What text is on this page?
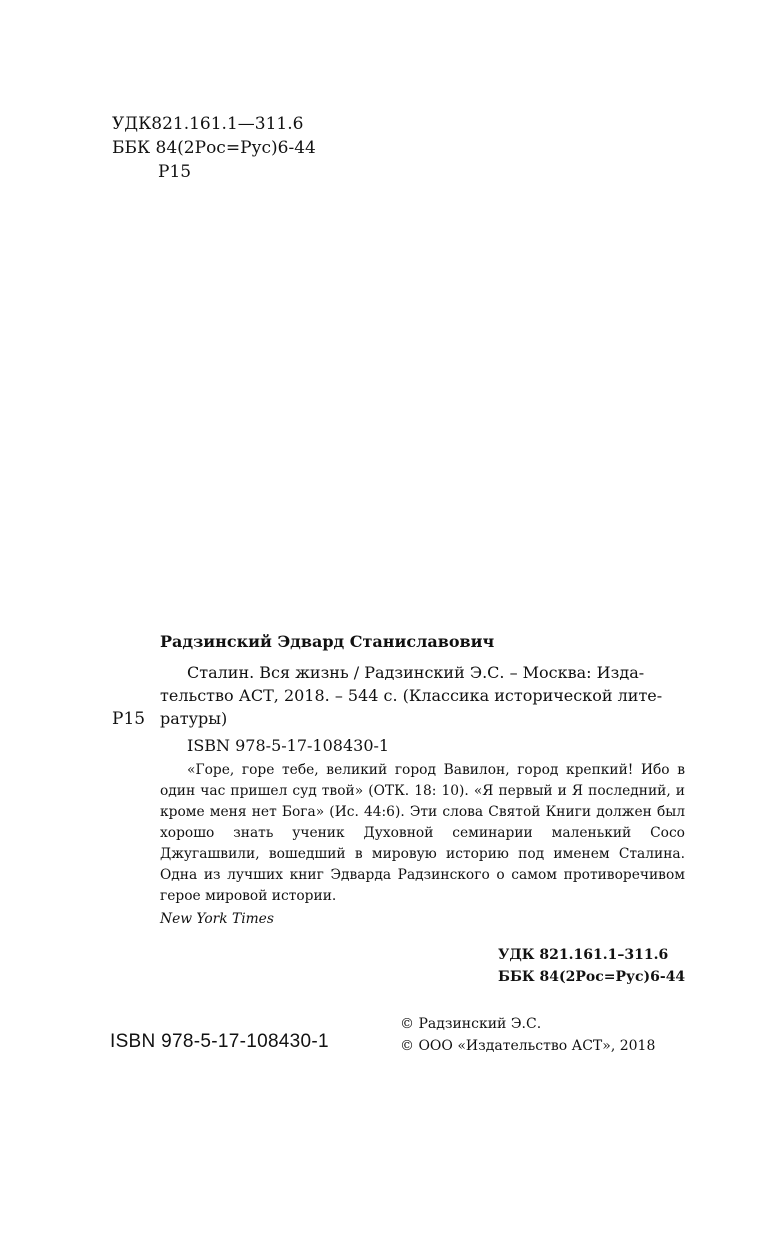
УДК821.161.1—311.6
ББК 84(2Рос=Рус)6-44
Р15
Радзинский Эдвард Станиславович
Р15

Сталин. Вся жизнь / Радзинский Э.С. – Москва: Изда-

тельство АСТ, 2018. – 544 с. (Классика исторической лите-

ратуры)

ISBN 978-5-17-108430-1

«Горе, горе тебе, великий город Вавилон, город крепкий! Ибо в один час пришел суд твой» (ОТК. 18: 10). «Я первый и Я последний, и кроме меня нет Бога» (Ис. 44:6). Эти слова Святой Книги должен был хорошо знать ученик Духовной семинарии маленький Сосо Джугашвили, вошедший в мировую историю под именем Сталина. Одна из лучших книг Эдварда Радзинского о самом противоречивом герое мировой истории.

New York Times

УДК 821.161.1–311.6
ББК 84(2Рос=Рус)6-44
© Радзинский Э.С.
© ООО «Издательство АСТ», 2018
ISBN 978-5-17-108430-1
